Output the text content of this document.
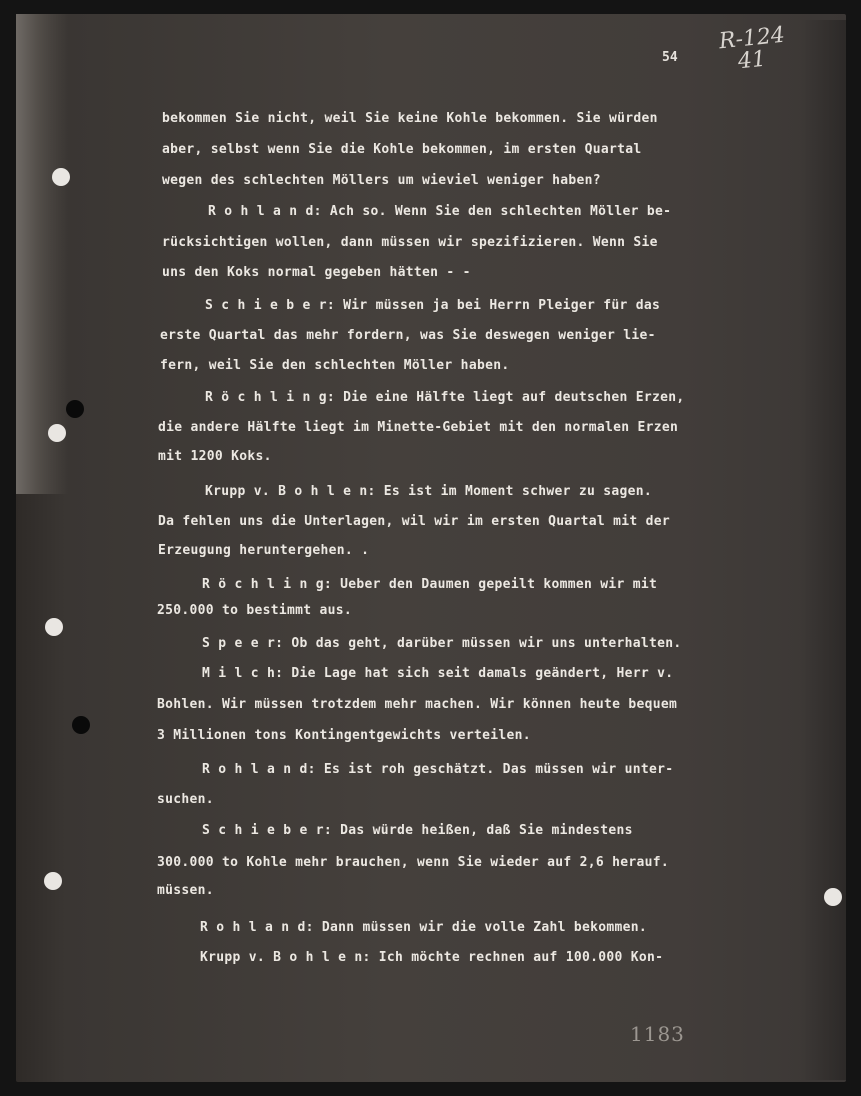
54
R-124
41
bekommen Sie nicht, weil Sie keine Kohle bekommen. Sie würden
aber, selbst wenn Sie die Kohle bekommen, im ersten Quartal
wegen des schlechten Möllers um wieviel weniger haben?
R o h l a n d: Ach so. Wenn Sie den schlechten Möller be-
rücksichtigen wollen, dann müssen wir spezifizieren. Wenn Sie
uns den Koks normal gegeben hätten - -
S c h i e b e r: Wir müssen ja bei Herrn Pleiger für das
erste Quartal das mehr fordern, was Sie deswegen weniger lie-
fern, weil Sie den schlechten Möller haben.
R ö c h l i n g: Die eine Hälfte liegt auf deutschen Erzen,
die andere Hälfte liegt im Minette-Gebiet mit den normalen Erzen
mit 1200 Koks.
Krupp v. B o h l e n: Es ist im Moment schwer zu sagen.
Da fehlen uns die Unterlagen, wil wir im ersten Quartal mit der
Erzeugung heruntergehen. .
R ö c h l i n g: Ueber den Daumen gepeilt kommen wir mit
250.000 to bestimmt aus.
S p e e r: Ob das geht, darüber müssen wir uns unterhalten.
M i l c h: Die Lage hat sich seit damals geändert, Herr v.
Bohlen. Wir müssen trotzdem mehr machen. Wir können heute bequem
3 Millionen tons Kontingentgewichts verteilen.
R o h l a n d: Es ist roh geschätzt. Das müssen wir unter-
suchen.
S c h i e b e r: Das würde heißen, daß Sie mindestens
300.000 to Kohle mehr brauchen, wenn Sie wieder auf 2,6 herauf.
müssen.
R o h l a n d: Dann müssen wir die volle Zahl bekommen.
Krupp v. B o h l e n: Ich möchte rechnen auf 100.000 Kon-
1183
